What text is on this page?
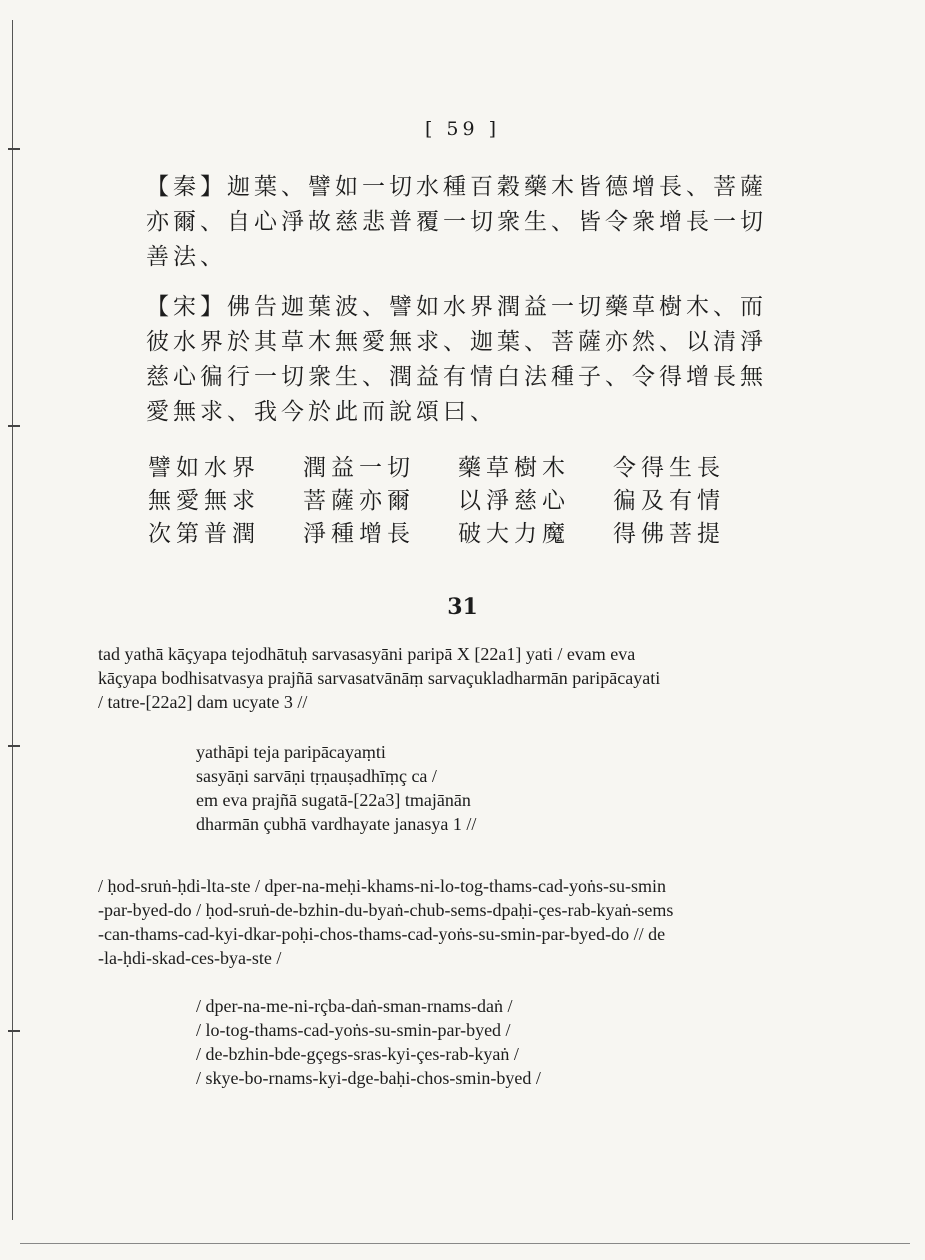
[ 59 ]

【秦】迦葉、譬如一切水種百穀藥木皆德增長、菩薩亦爾、自心淨故慈悲普覆一切衆生、皆令衆增長一切善法、

【宋】佛告迦葉波、譬如水界潤益一切藥草樹木、而彼水界於其草木無愛無求、迦葉、菩薩亦然、以清淨慈心徧行一切衆生、潤益有情白法種子、令得增長無愛無求、我今於此而說頌曰、

譬如水界	潤益一切	藥草樹木	令得生長
無愛無求	菩薩亦爾	以淨慈心	徧及有情
次第普潤	淨種增長	破大力魔	得佛菩提
31

tad yathā kāçyapa tejodhātuḥ sarvasasyāni paripā X [22a1] yati / evam eva

kāçyapa bodhisatvasya prajñā sarvasatvānāṃ sarvaçukladharmān paripācayati

/ tatre-[22a2] dam ucyate 3 //

yathāpi teja paripācayaṃti

sasyāṇi sarvāṇi tṛṇauṣadhīṃç ca /

em eva prajñā sugatā-[22a3] tmajānān

dharmān çubhā vardhayate janasya 1 //

/ ḥod-sruṅ-ḥdi-lta-ste / dper-na-meḥi-khams-ni-lo-tog-thams-cad-yoṅs-su-smin

-par-byed-do / ḥod-sruṅ-de-bzhin-du-byaṅ-chub-sems-dpaḥi-çes-rab-kyaṅ-sems

-can-thams-cad-kyi-dkar-poḥi-chos-thams-cad-yoṅs-su-smin-par-byed-do // de

-la-ḥdi-skad-ces-bya-ste /

/ dper-na-me-ni-rçba-daṅ-sman-rnams-daṅ /

/ lo-tog-thams-cad-yoṅs-su-smin-par-byed /

/ de-bzhin-bde-gçegs-sras-kyi-çes-rab-kyaṅ /

/ skye-bo-rnams-kyi-dge-baḥi-chos-smin-byed /
